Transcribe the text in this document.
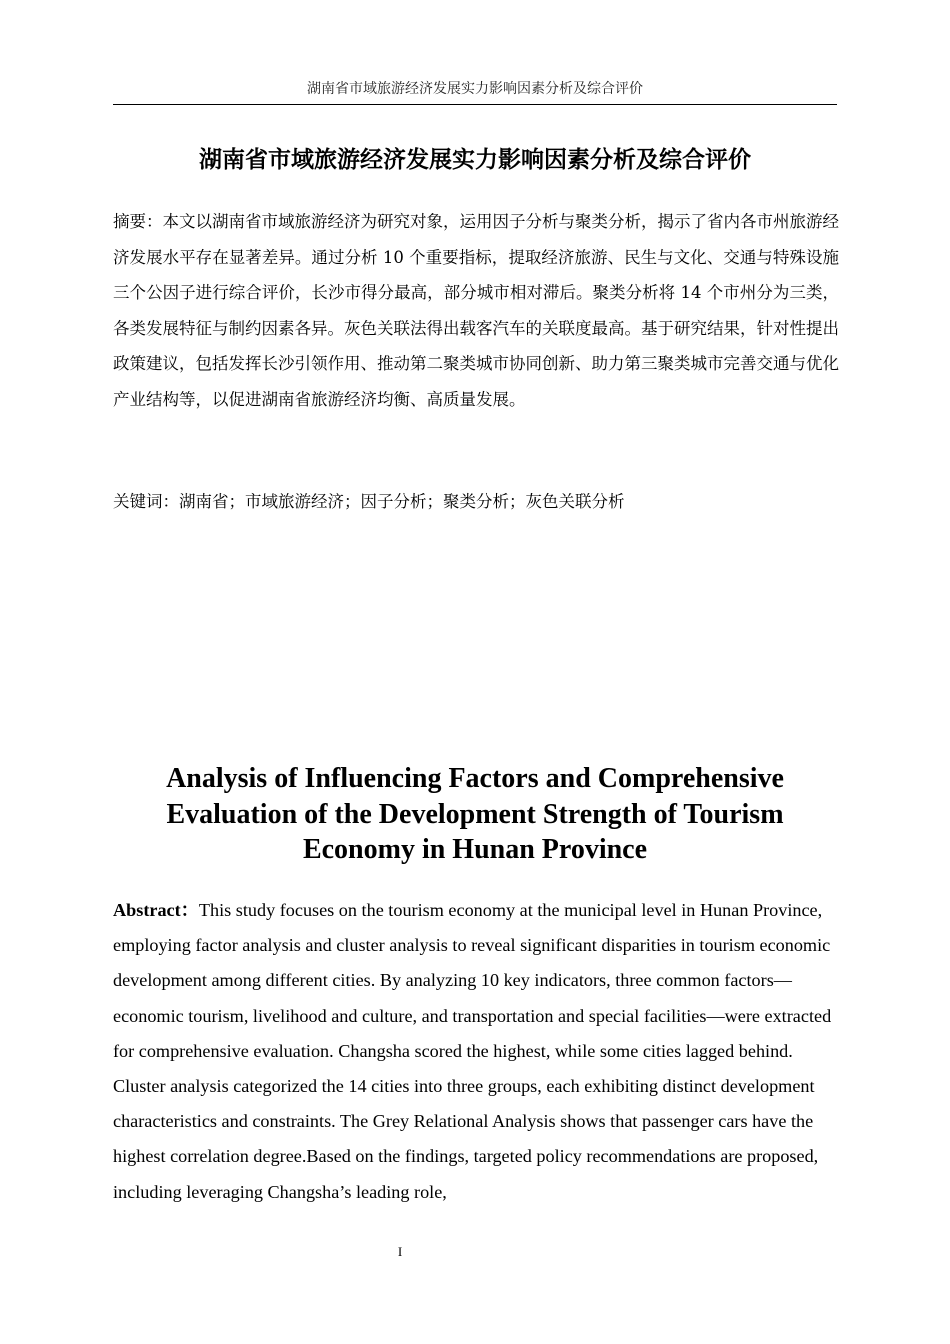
湖南省市域旅游经济发展实力影响因素分析及综合评价
湖南省市域旅游经济发展实力影响因素分析及综合评价
摘要：本文以湖南省市域旅游经济为研究对象，运用因子分析与聚类分析，揭示了省内各市州旅游经济发展水平存在显著差异。通过分析 10 个重要指标，提取经济旅游、民生与文化、交通与特殊设施三个公因子进行综合评价，长沙市得分最高，部分城市相对滞后。聚类分析将 14 个市州分为三类，各类发展特征与制约因素各异。灰色关联法得出载客汽车的关联度最高。基于研究结果，针对性提出政策建议，包括发挥长沙引领作用、推动第二聚类城市协同创新、助力第三聚类城市完善交通与优化产业结构等，以促进湖南省旅游经济均衡、高质量发展。
关键词：湖南省；市域旅游经济；因子分析；聚类分析；灰色关联分析
Analysis of Influencing Factors and Comprehensive Evaluation of the Development Strength of Tourism Economy in Hunan Province
Abstract：This study focuses on the tourism economy at the municipal level in Hunan Province, employing factor analysis and cluster analysis to reveal significant disparities in tourism economic development among different cities. By analyzing 10 key indicators, three common factors—economic tourism, livelihood and culture, and transportation and special facilities—were extracted for comprehensive evaluation. Changsha scored the highest, while some cities lagged behind. Cluster analysis categorized the 14 cities into three groups, each exhibiting distinct development characteristics and constraints. The Grey Relational Analysis shows that passenger cars have the highest correlation degree.Based on the findings, targeted policy recommendations are proposed, including leveraging Changsha’s leading role,
I
